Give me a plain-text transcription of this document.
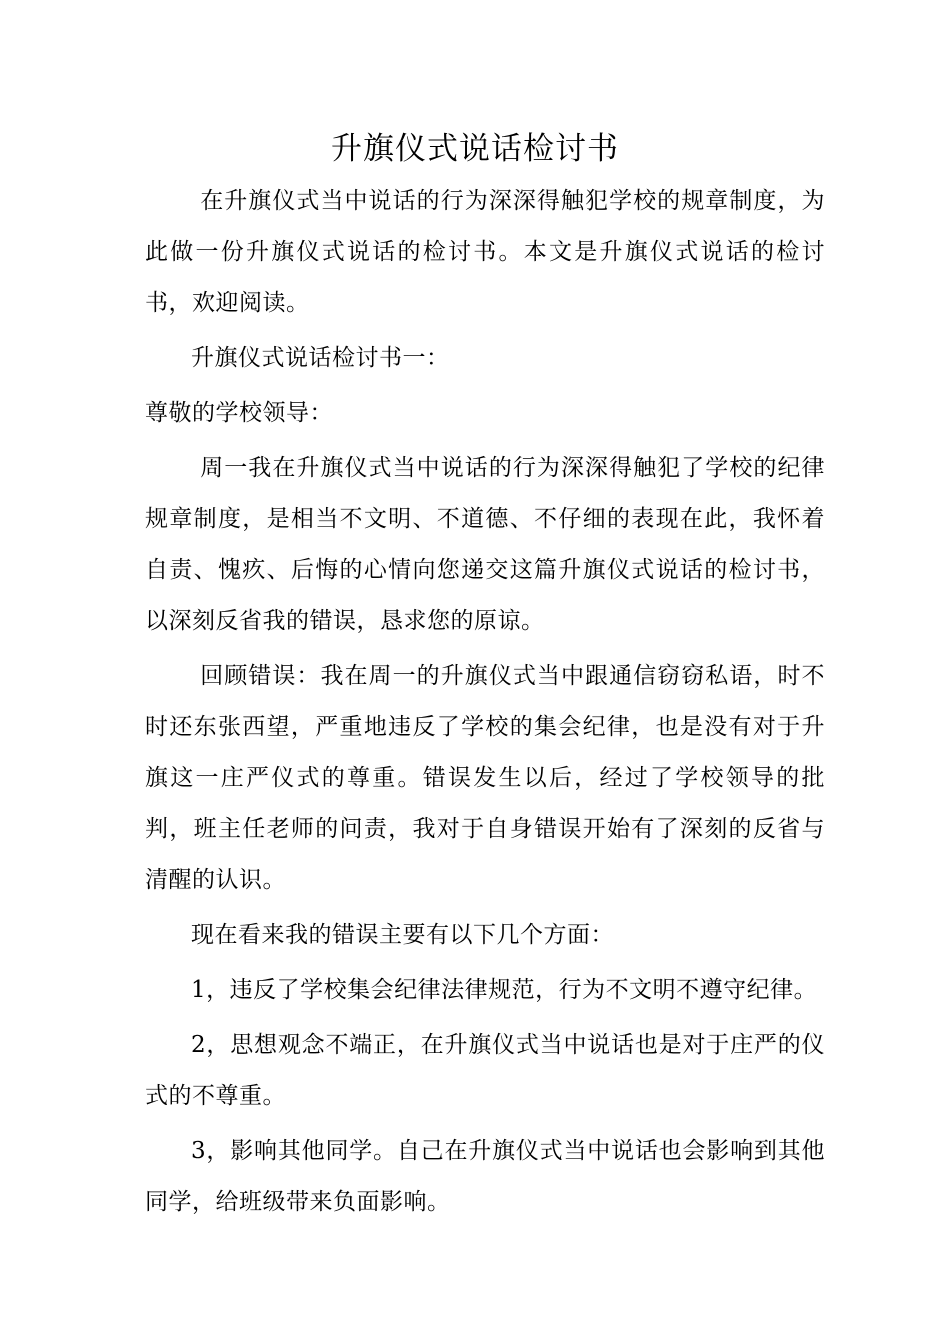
升旗仪式说话检讨书

在升旗仪式当中说话的行为深深得触犯学校的规章制度，为此做一份升旗仪式说话的检讨书。本文是升旗仪式说话的检讨书，欢迎阅读。

升旗仪式说话检讨书一：

尊敬的学校领导：

周一我在升旗仪式当中说话的行为深深得触犯了学校的纪律规章制度，是相当不文明、不道德、不仔细的表现在此，我怀着自责、愧疚、后悔的心情向您递交这篇升旗仪式说话的检讨书，以深刻反省我的错误，恳求您的原谅。

回顾错误：我在周一的升旗仪式当中跟通信窃窃私语，时不时还东张西望，严重地违反了学校的集会纪律，也是没有对于升旗这一庄严仪式的尊重。错误发生以后，经过了学校领导的批判，班主任老师的问责，我对于自身错误开始有了深刻的反省与清醒的认识。

现在看来我的错误主要有以下几个方面：

1，违反了学校集会纪律法律规范，行为不文明不遵守纪律。

2，思想观念不端正，在升旗仪式当中说话也是对于庄严的仪式的不尊重。

3，影响其他同学。自己在升旗仪式当中说话也会影响到其他同学，给班级带来负面影响。
